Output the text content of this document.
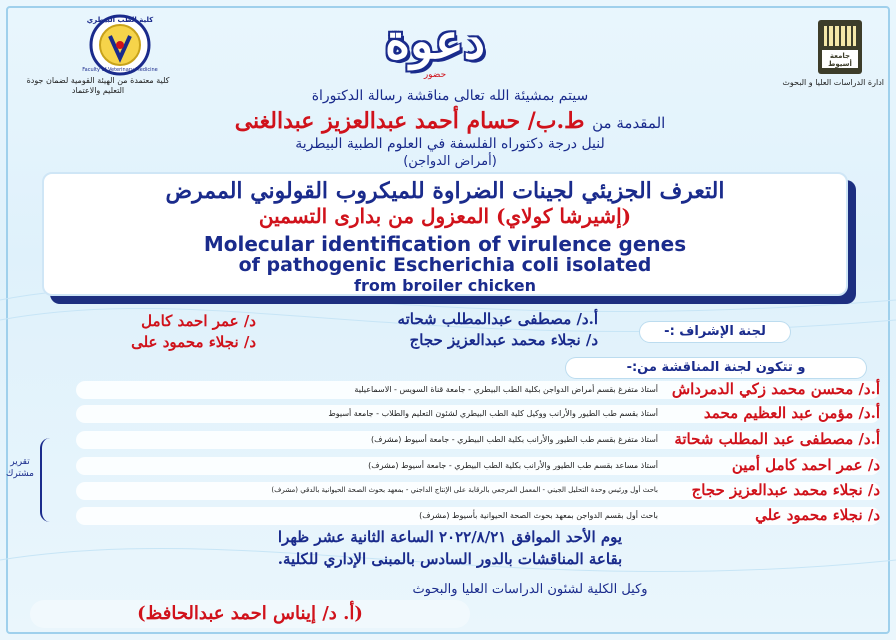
جامعة أسيوط
ادارة الدراسات العليا و البحوث
كلية الطب البيطري
Faculty of Veterinary Medicine
كلية معتمدة من الهيئة القومية لضمان جودة التعليم والاعتماد
دعوة
حضور
سيتم بمشيئة الله تعالى مناقشة رسالة الدكتوراة
المقدمة من ط.ب/ حسام أحمد عبدالعزيز عبدالغنى
لنيل درجة دكتوراه الفلسفة في العلوم الطبية البيطرية
(أمراض الدواجن)
التعرف الجزيئي لجينات الضراوة للميكروب القولوني الممرض
(إشيرشا كولاي) المعزول من بدارى التسمين
Molecular identification of virulence genes
of pathogenic Escherichia coli isolated
from broiler chicken
لجنة الإشراف :-
أ.د/ مصطفى عبدالمطلب شحاته
د/ نجلاء محمد عبدالعزيز حجاج
د/ عمر احمد كامل
د/ نجلاء محمود على
و تتكون لجنة المناقشة من:-
أ.د/ محسن محمد زكي الدمرداش
أستاذ متفرغ بقسم أمراض الدواجن بكلية الطب البيطري - جامعة قناة السويس - الاسماعيلية
أ.د/ مؤمن عبد العظيم محمد
أستاذ بقسم طب الطيور والأرانب ووكيل كلية الطب البيطري لشئون التعليم والطلاب - جامعة أسيوط
أ.د/ مصطفى عبد المطلب شحاتة
أستاذ متفرغ بقسم طب الطيور والأرانب بكلية الطب البيطري - جامعة أسيوط (مشرف)
د/ عمر احمد كامل أمين
أستاذ مساعد بقسم طب الطيور والأرانب بكلية الطب البيطري - جامعة أسيوط (مشرف)
د/ نجلاء محمد عبدالعزيز حجاج
باحث أول ورئيس وحدة التحليل الجيني - المعمل المرجعي بالرقابة على الإنتاج الداجني - بمعهد بحوث الصحة الحيوانية بالدقي (مشرف)
د/ نجلاء محمود علي
باحث أول بقسم الدواجن بمعهد بحوث الصحة الحيوانية بأسيوط (مشرف)
تقرير مشترك
يوم الأحد الموافق ٢٠٢٢/٨/٢١ الساعة الثانية عشر ظهرا
بقاعة المناقشات بالدور السادس بالمبنى الإداري للكلية.
وكيل الكلية لشئون الدراسات العليا والبحوث
(أ. د/ إيناس احمد عبدالحافظ)
